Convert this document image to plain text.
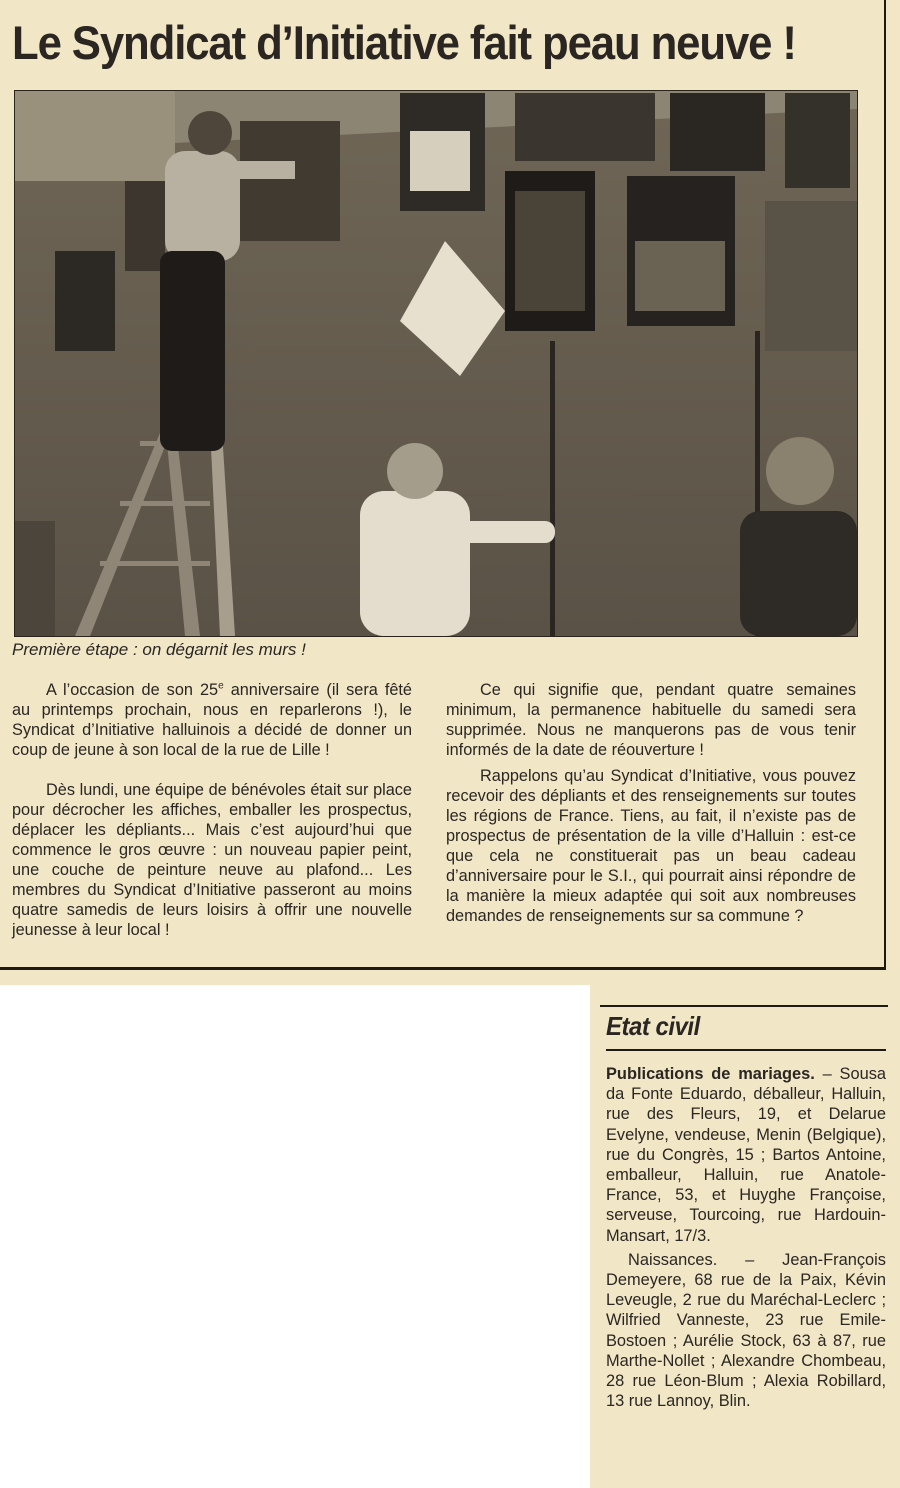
Le Syndicat d’Initiative fait peau neuve !
Première étape : on dégarnit les murs !

A l’occasion de son 25e anniversaire (il sera fêté au printemps prochain, nous en reparlerons !), le Syndicat d’Initiative halluinois a décidé de donner un coup de jeune à son local de la rue de Lille !

Dès lundi, une équipe de bénévoles était sur place pour décrocher les affiches, emballer les prospectus, déplacer les dépliants... Mais c’est aujourd’hui que commence le gros œuvre : un nouveau papier peint, une couche de peinture neuve au plafond... Les membres du Syndicat d’Initiative passeront au moins quatre samedis de leurs loisirs à offrir une nouvelle jeunesse à leur local !

Ce qui signifie que, pendant quatre semaines minimum, la permanence habituelle du samedi sera supprimée. Nous ne manquerons pas de vous tenir informés de la date de réouverture !

Rappelons qu’au Syndicat d’Initiative, vous pouvez recevoir des dépliants et des renseignements sur toutes les régions de France. Tiens, au fait, il n’existe pas de prospectus de présentation de la ville d’Halluin : est-ce que cela ne constituerait pas un beau cadeau d’anniversaire pour le S.I., qui pourrait ainsi répondre de la manière la mieux adaptée qui soit aux nombreuses demandes de renseignements sur sa commune ?

Etat civil

Publications de mariages. – Sousa da Fonte Eduardo, déballeur, Halluin, rue des Fleurs, 19, et Delarue Evelyne, vendeuse, Menin (Belgique), rue du Congrès, 15 ; Bartos Antoine, emballeur, Halluin, rue Anatole-France, 53, et Huyghe Françoise, serveuse, Tourcoing, rue Hardouin-Mansart, 17/3.

Naissances. – Jean-François Demeyere, 68 rue de la Paix, Kévin Leveugle, 2 rue du Maréchal-Leclerc ; Wilfried Vanneste, 23 rue Emile-Bostoen ; Aurélie Stock, 63 à 87, rue Marthe-Nollet ; Alexandre Chombeau, 28 rue Léon-Blum ; Alexia Robillard, 13 rue Lannoy, Blin.
